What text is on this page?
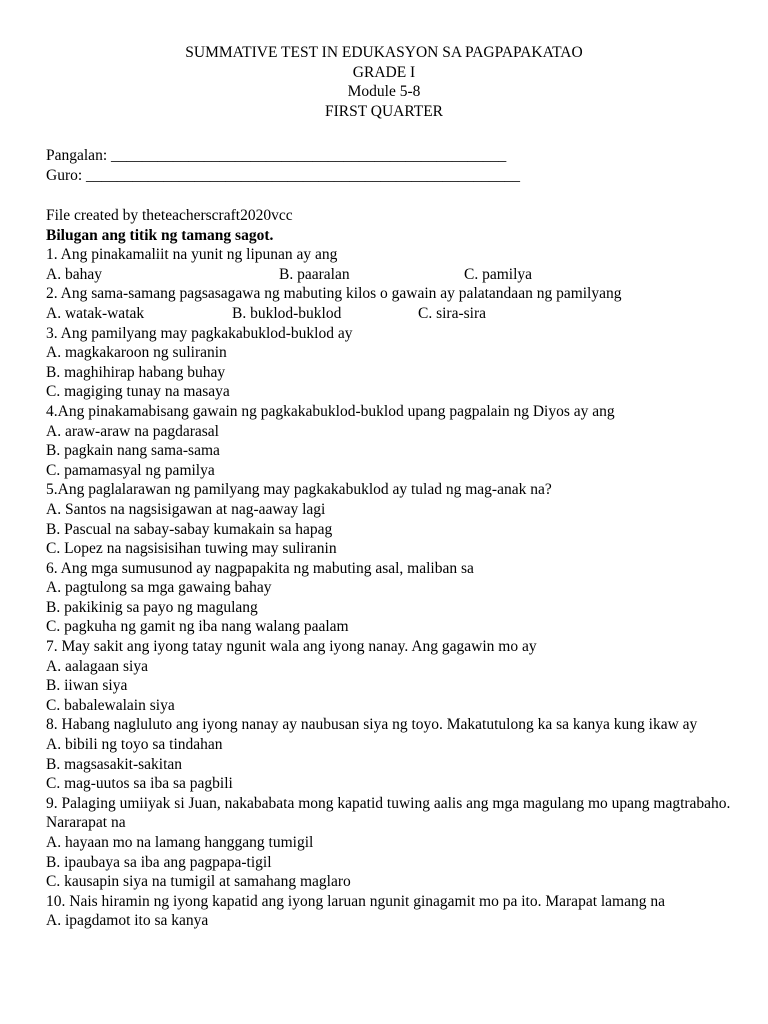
SUMMATIVE TEST IN EDUKASYON SA PAGPAPAKATAO
GRADE I
Module 5-8
FIRST QUARTER
Pangalan: ___________________________________________________
Guro: ________________________________________________________
File created by theteacherscraft2020vcc
Bilugan ang titik ng tamang sagot.
1. Ang pinakamaliit na yunit ng lipunan ay ang
A. bahay	B. paaralan	C. pamilya
2. Ang sama-samang pagsasagawa ng mabuting kilos o gawain ay palatandaan ng pamilyang
A. watak-watak	B. buklod-buklod	C. sira-sira
3. Ang pamilyang may pagkakabuklod-buklod ay
A. magkakaroon ng suliranin
B. maghihirap habang buhay
C. magiging tunay na masaya
4.Ang pinakamabisang gawain ng pagkakabuklod-buklod upang pagpalain ng Diyos ay ang
A. araw-araw na pagdarasal
B. pagkain nang sama-sama
C. pamamasyal ng pamilya
5.Ang paglalarawan ng pamilyang may pagkakabuklod ay tulad ng mag-anak na?
A. Santos na nagsisigawan at nag-aaway lagi
B. Pascual na sabay-sabay kumakain sa hapag
C. Lopez na nagsisisihan tuwing may suliranin
6. Ang mga sumusunod ay nagpapakita ng mabuting asal, maliban sa
A. pagtulong sa mga gawaing bahay
B. pakikinig sa payo ng magulang
C. pagkuha ng gamit ng iba nang walang paalam
7. May sakit ang iyong tatay ngunit wala ang iyong nanay. Ang gagawin mo ay
A. aalagaan siya
B. iiwan siya
C. babalewalain siya
8. Habang nagluluto ang iyong nanay ay naubusan siya ng toyo. Makatutulong ka sa kanya kung ikaw ay
A. bibili ng toyo sa tindahan
B. magsasakit-sakitan
C. mag-uutos sa iba sa pagbili
9. Palaging umiiyak si Juan, nakababata mong kapatid tuwing aalis ang mga magulang mo upang magtrabaho. Nararapat na
A. hayaan mo na lamang hanggang tumigil
B. ipaubaya sa iba ang pagpapa-tigil
C. kausapin siya na tumigil at samahang maglaro
10. Nais hiramin ng iyong kapatid ang iyong laruan ngunit ginagamit mo pa ito. Marapat lamang na
A. ipagdamot ito sa kanya
